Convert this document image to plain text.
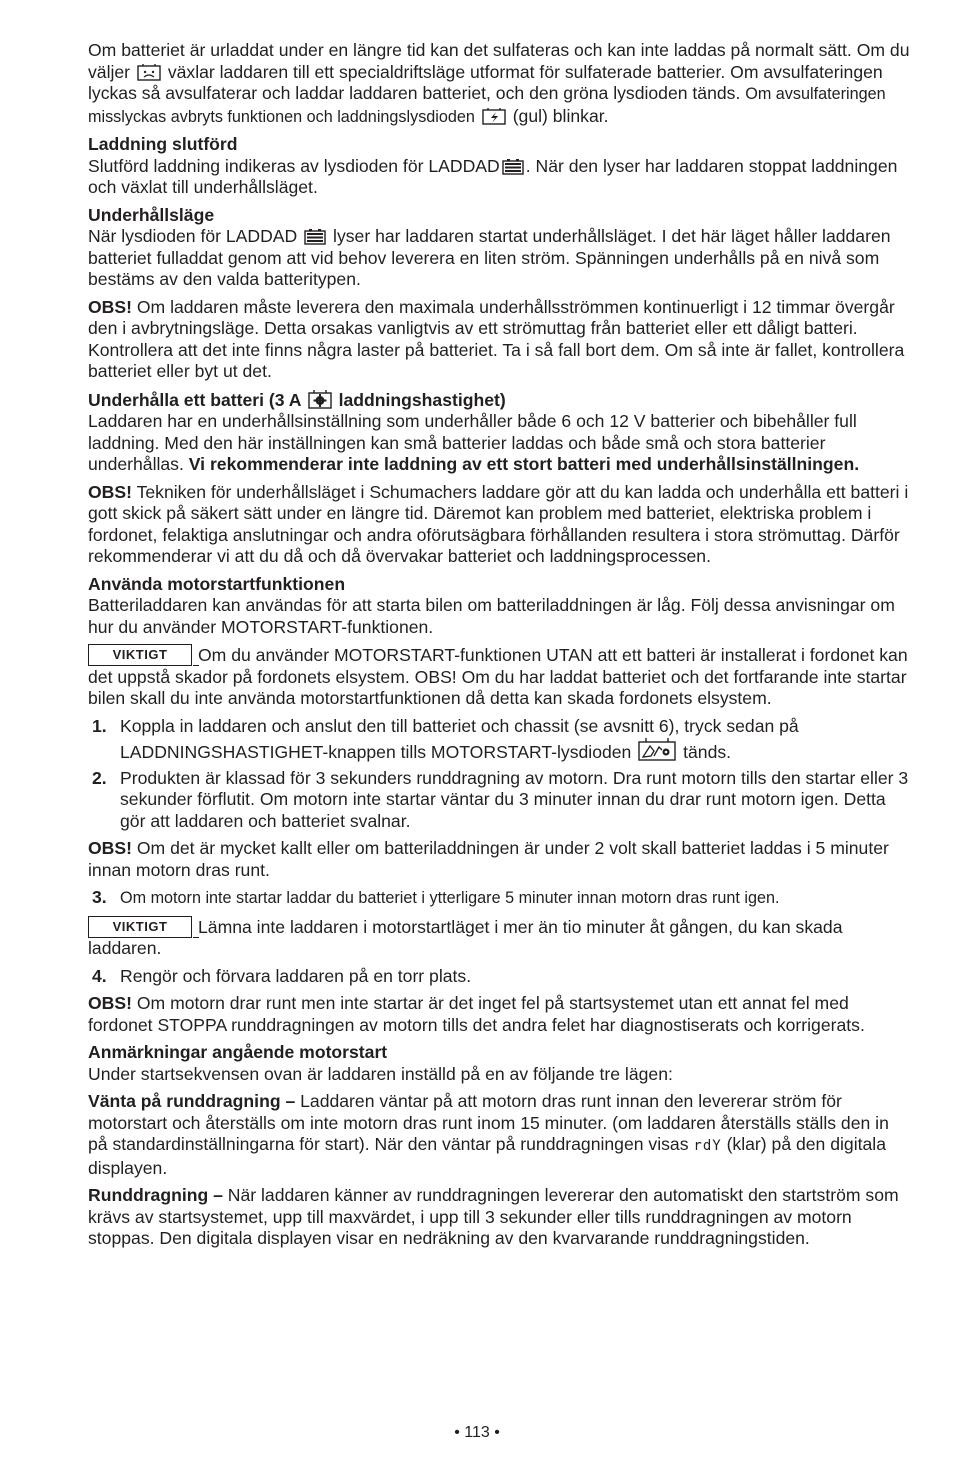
Om batteriet är urladdat under en längre tid kan det sulfateras och kan inte laddas på normalt sätt. Om du väljer växlar laddaren till ett specialdriftsläge utformat för sulfaterade batterier. Om avsulfateringen lyckas så avsulfaterar och laddar laddaren batteriet, och den gröna lysdioden tänds. Om avsulfateringen misslyckas avbryts funktionen och laddningslysdioden (gul) blinkar.

Laddning slutförd
Slutförd laddning indikeras av lysdioden för LADDAD . När den lyser har laddaren stoppat laddningen och växlat till underhållsläget.

Underhållsläge
När lysdioden för LADDAD lyser har laddaren startat underhållsläget. I det här läget håller laddaren batteriet fulladdat genom att vid behov leverera en liten ström. Spänningen underhålls på en nivå som bestäms av den valda batteritypen.

OBS! Om laddaren måste leverera den maximala underhållsströmmen kontinuerligt i 12 timmar övergår den i avbrytningsläge. Detta orsakas vanligtvis av ett strömuttag från batteriet eller ett dåligt batteri. Kontrollera att det inte finns några laster på batteriet. Ta i så fall bort dem. Om så inte är fallet, kontrollera batteriet eller byt ut det.

Underhålla ett batteri (3 A laddningshastighet)
Laddaren har en underhållsinställning som underhåller både 6 och 12 V batterier och bibehåller full laddning. Med den här inställningen kan små batterier laddas och både små och stora batterier underhållas. Vi rekommenderar inte laddning av ett stort batteri med underhållsinställningen.

OBS! Tekniken för underhållsläget i Schumachers laddare gör att du kan ladda och underhålla ett batteri i gott skick på säkert sätt under en längre tid. Däremot kan problem med batteriet, elektriska problem i fordonet, felaktiga anslutningar och andra oförutsägbara förhållanden resultera i stora strömuttag. Därför rekommenderar vi att du då och då övervakar batteriet och laddningsprocessen.

Använda motorstartfunktionen
Batteriladdaren kan användas för att starta bilen om batteriladdningen är låg. Följ dessa anvisningar om hur du använder MOTORSTART-funktionen.

VIKTIGT Om du använder MOTORSTART-funktionen UTAN att ett batteri är installerat i fordonet kan det uppstå skador på fordonets elsystem. OBS! Om du har laddat batteriet och det fortfarande inte startar bilen skall du inte använda motorstartfunktionen då detta kan skada fordonets elsystem.

1. Koppla in laddaren och anslut den till batteriet och chassit (se avsnitt 6), tryck sedan på LADDNINGSHASTIGHET-knappen tills MOTORSTART-lysdioden	tänds.
2. Produkten är klassad för 3 sekunders runddragning av motorn. Dra runt motorn tills den startar eller 3 sekunder förflutit. Om motorn inte startar väntar du 3 minuter innan du drar runt motorn igen. Detta gör att laddaren och batteriet svalnar.

OBS! Om det är mycket kallt eller om batteriladdningen är under 2 volt skall batteriet laddas i 5 minuter innan motorn dras runt.

3. Om motorn inte startar laddar du batteriet i ytterligare 5 minuter innan motorn dras runt igen.

VIKTIGT Lämna inte laddaren i motorstartläget i mer än tio minuter åt gången, du kan skada laddaren.

4. Rengör och förvara laddaren på en torr plats.

OBS! Om motorn drar runt men inte startar är det inget fel på startsystemet utan ett annat fel med fordonet STOPPA runddragningen av motorn tills det andra felet har diagnostiserats och korrigerats.

Anmärkningar angående motorstart
Under startsekvensen ovan är laddaren inställd på en av följande tre lägen:

Vänta på runddragning – Laddaren väntar på att motorn dras runt innan den levererar ström för motorstart och återställs om inte motorn dras runt inom 15 minuter. (om laddaren återställs ställs den in på standardinställningarna för start). När den väntar på runddragningen visas rdY (klar) på den digitala displayen.

Runddragning – När laddaren känner av runddragningen levererar den automatiskt den startström som krävs av startsystemet, upp till maxvärdet, i upp till 3 sekunder eller tills runddragningen av motorn stoppas. Den digitala displayen visar en nedräkning av den kvarvarande runddragningstiden.

• 113 •
